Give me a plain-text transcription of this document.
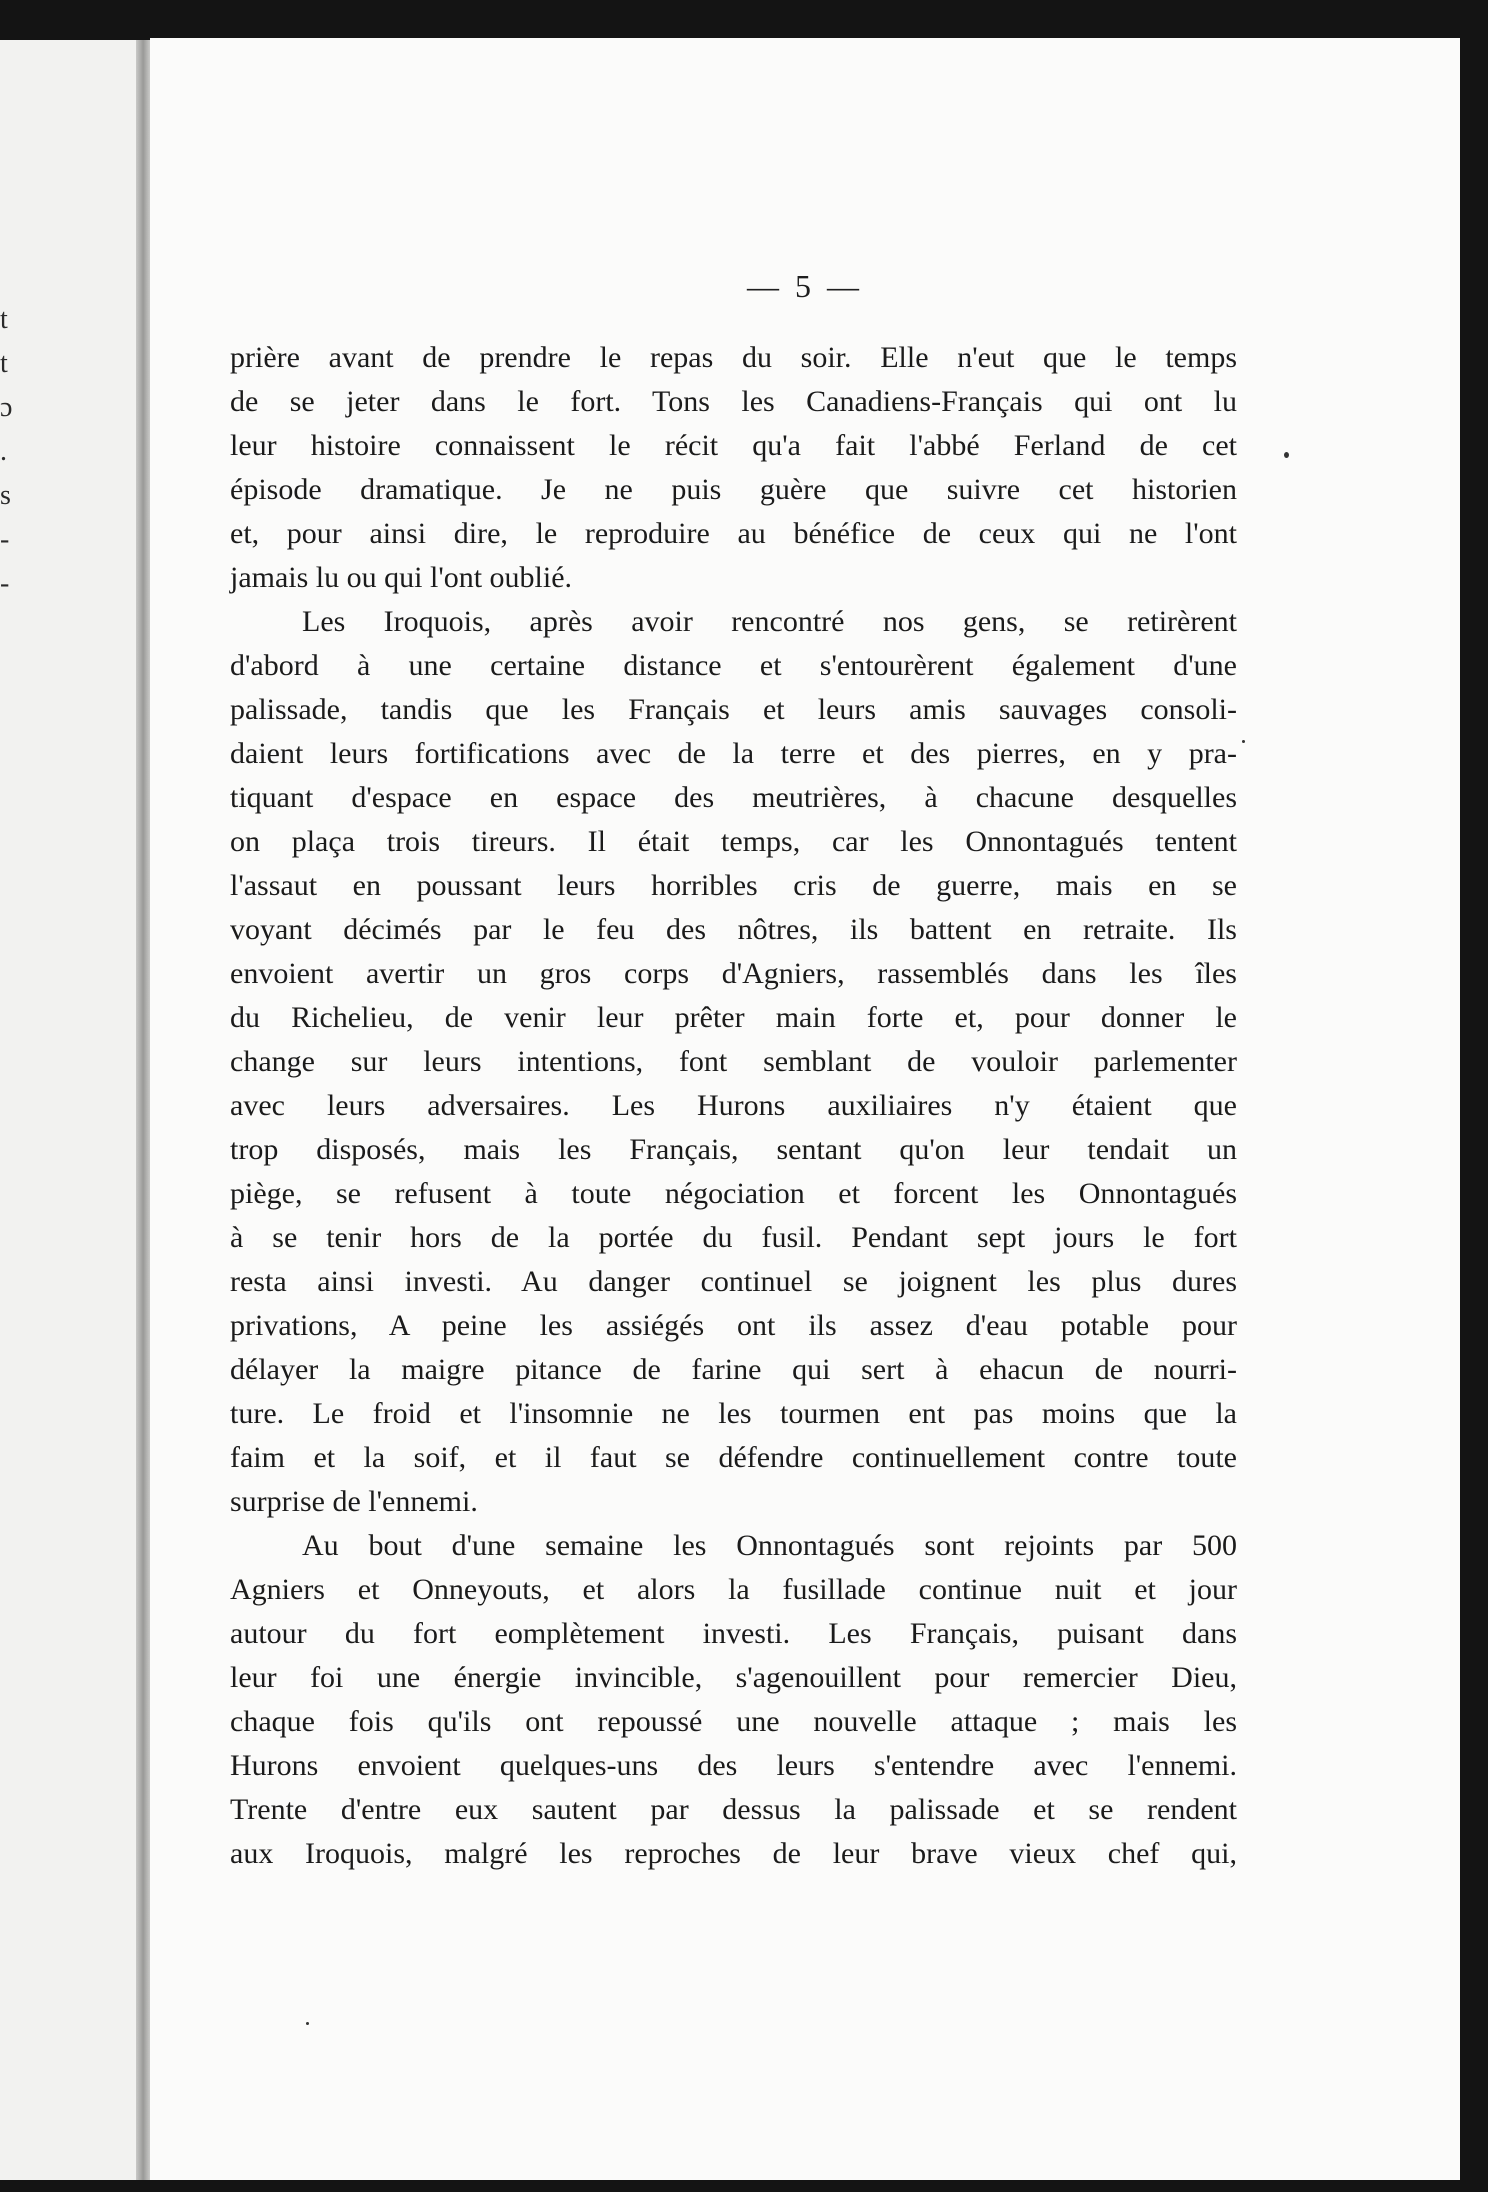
t
t
ɔ
.
s
-
-
— 5 —
prière avant de prendre le repas du soir. Elle n'eut que le temps
de se jeter dans le fort. Tons les Canadiens-Français qui ont lu
leur histoire connaissent le récit qu'a fait l'abbé Ferland de cet
épisode dramatique. Je ne puis guère que suivre cet historien
et, pour ainsi dire, le reproduire au bénéfice de ceux qui ne l'ont
jamais lu ou qui l'ont oublié.
Les Iroquois, après avoir rencontré nos gens, se retirèrent
d'abord à une certaine distance et s'entourèrent également d'une
palissade, tandis que les Français et leurs amis sauvages consoli-
daient leurs fortifications avec de la terre et des pierres, en y pra-
tiquant d'espace en espace des meutrières, à chacune desquelles
on plaça trois tireurs. Il était temps, car les Onnontagués tentent
l'assaut en poussant leurs horribles cris de guerre, mais en se
voyant décimés par le feu des nôtres, ils battent en retraite. Ils
envoient avertir un gros corps d'Agniers, rassemblés dans les îles
du Richelieu, de venir leur prêter main forte et, pour donner le
change sur leurs intentions, font semblant de vouloir parlementer
avec leurs adversaires. Les Hurons auxiliaires n'y étaient que
trop disposés, mais les Français, sentant qu'on leur tendait un
piège, se refusent à toute négociation et forcent les Onnontagués
à se tenir hors de la portée du fusil. Pendant sept jours le fort
resta ainsi investi. Au danger continuel se joignent les plus dures
privations, A peine les assiégés ont ils assez d'eau potable pour
délayer la maigre pitance de farine qui sert à ehacun de nourri-
ture. Le froid et l'insomnie ne les tourmen ent pas moins que la
faim et la soif, et il faut se défendre continuellement contre toute
surprise de l'ennemi.
Au bout d'une semaine les Onnontagués sont rejoints par 500
Agniers et Onneyouts, et alors la fusillade continue nuit et jour
autour du fort eomplètement investi. Les Français, puisant dans
leur foi une énergie invincible, s'agenouillent pour remercier Dieu,
chaque fois qu'ils ont repoussé une nouvelle attaque ; mais les
Hurons envoient quelques-uns des leurs s'entendre avec l'ennemi.
Trente d'entre eux sautent par dessus la palissade et se rendent
aux Iroquois, malgré les reproches de leur brave vieux chef qui,
